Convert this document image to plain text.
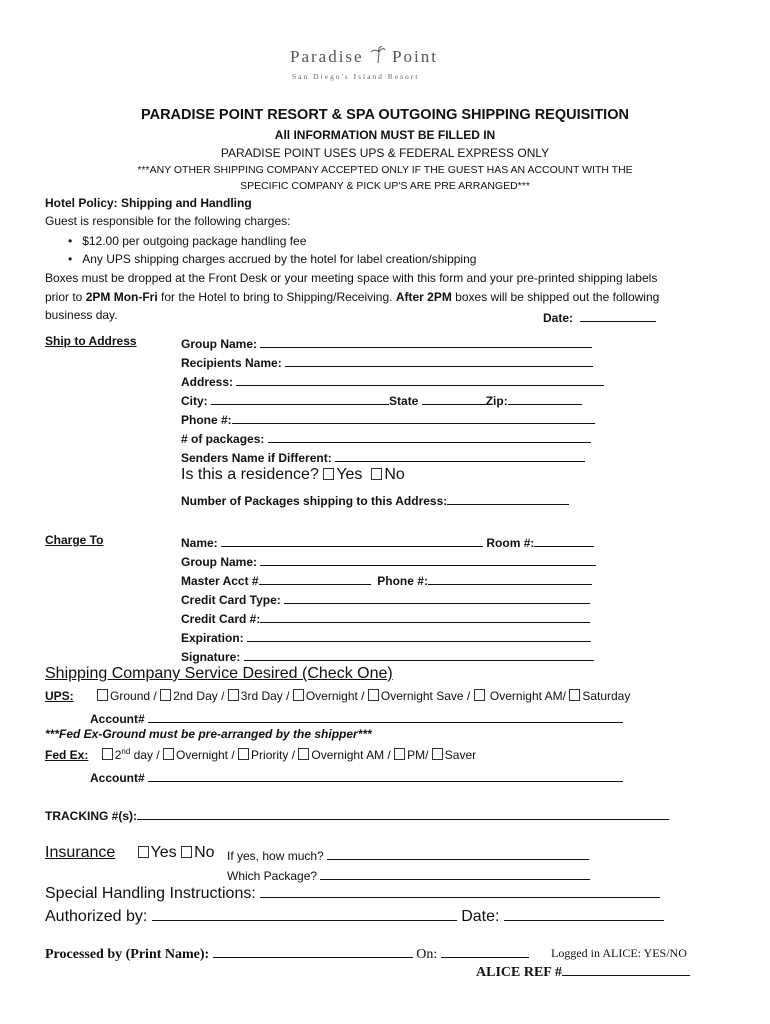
Paradise Point
San Diego's Island Resort
PARADISE POINT RESORT & SPA OUTGOING SHIPPING REQUISITION
All INFORMATION MUST BE FILLED IN
PARADISE POINT USES UPS & FEDERAL EXPRESS ONLY
***ANY OTHER SHIPPING COMPANY ACCEPTED ONLY IF THE GUEST HAS AN ACCOUNT WITH THE
SPECIFIC COMPANY & PICK UP'S ARE PRE ARRANGED***
Hotel Policy: Shipping and Handling
Guest is responsible for the following charges:
•   $12.00 per outgoing package handling fee
•   Any UPS shipping charges accrued by the hotel for label creation/shipping
Boxes must be dropped at the Front Desk or your meeting space with this form and your pre-printed shipping labels
prior to 2PM Mon-Fri for the Hotel to bring to Shipping/Receiving. After 2PM boxes will be shipped out the following
business day.	Date:
Ship to Address	Group Name:
Recipients Name:
Address:
City:	State	Zip:
Phone #:
# of packages:
Senders Name if Different:
Is this a residence? Yes No
Number of Packages shipping to this Address:
Charge To	Name:	Room #:
Group Name:
Master Acct #	Phone #:
Credit Card Type:
Credit Card #:
Expiration:
Signature:
Shipping Company Service Desired (Check One)
UPS:	Ground / 2nd Day / 3rd Day / Overnight / Overnight Save /  Overnight AM/ Saturday
Account#
***Fed Ex-Ground must be pre-arranged by the shipper***
Fed Ex: 2nd day / Overnight / Priority / Overnight AM / PM/ Saver
Account#
TRACKING #(s):
Insurance Yes No If yes, how much?
Which Package?
Special Handling Instructions:
Authorized by:	Date:
Processed by (Print Name):	On:	Logged in ALICE: YES/NO
ALICE REF #
